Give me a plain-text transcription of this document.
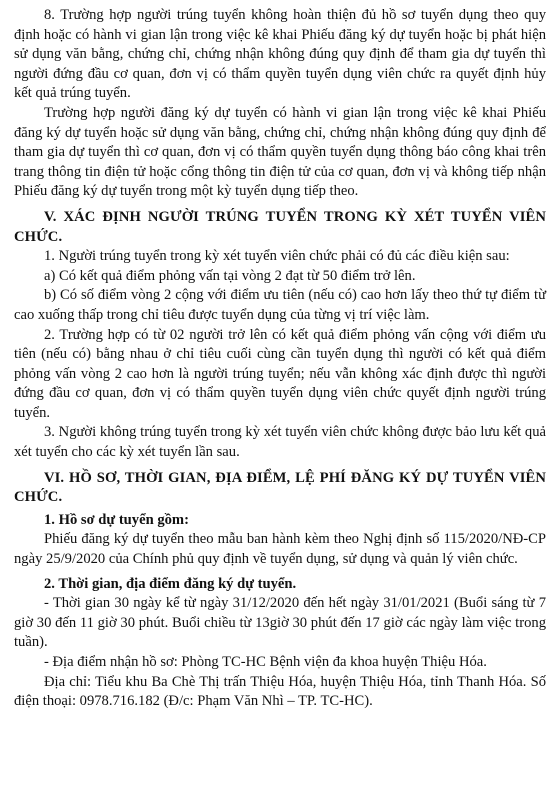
8. Trường hợp người trúng tuyển không hoàn thiện đủ hồ sơ tuyển dụng theo quy định hoặc có hành vi gian lận trong việc kê khai Phiếu đăng ký dự tuyển hoặc bị phát hiện sử dụng văn bằng, chứng chỉ, chứng nhận không đúng quy định để tham gia dự tuyển thì người đứng đầu cơ quan, đơn vị có thẩm quyền tuyển dụng viên chức ra quyết định hủy kết quả trúng tuyển.

Trường hợp người đăng ký dự tuyển có hành vi gian lận trong việc kê khai Phiếu đăng ký dự tuyển hoặc sử dụng văn bằng, chứng chỉ, chứng nhận không đúng quy định để tham gia dự tuyển thì cơ quan, đơn vị có thẩm quyền tuyển dụng thông báo công khai trên trang thông tin điện tử hoặc cổng thông tin điện tử của cơ quan, đơn vị và không tiếp nhận Phiếu đăng ký dự tuyển trong một kỳ tuyển dụng tiếp theo.

V. XÁC ĐỊNH NGƯỜI TRÚNG TUYỂN TRONG KỲ XÉT TUYỂN VIÊN CHỨC.

1. Người trúng tuyển trong kỳ xét tuyển viên chức phải có đủ các điều kiện sau:

a) Có kết quả điểm phỏng vấn tại vòng 2 đạt từ 50 điểm trở lên.

b) Có số điểm vòng 2 cộng với điểm ưu tiên (nếu có) cao hơn lấy theo thứ tự điểm từ cao xuống thấp trong chỉ tiêu được tuyển dụng của từng vị trí việc làm.

2. Trường hợp có từ 02 người trở lên có kết quả điểm phỏng vấn cộng với điểm ưu tiên (nếu có) bằng nhau ở chỉ tiêu cuối cùng cần tuyển dụng thì người có kết quả điểm phỏng vấn vòng 2 cao hơn là người trúng tuyển; nếu vẫn không xác định được thì người đứng đầu cơ quan, đơn vị có thẩm quyền tuyển dụng viên chức quyết định người trúng tuyển.

3. Người không trúng tuyển trong kỳ xét tuyển viên chức không được bảo lưu kết quả xét tuyển cho các kỳ xét tuyển lần sau.

VI. HỒ SƠ, THỜI GIAN, ĐỊA ĐIỂM, LỆ PHÍ ĐĂNG KÝ DỰ TUYỂN VIÊN CHỨC.

1. Hồ sơ dự tuyển gồm:

Phiếu đăng ký dự tuyển theo mẫu ban hành kèm theo Nghị định số 115/2020/NĐ-CP ngày 25/9/2020 của Chính phủ quy định về tuyển dụng, sử dụng và quản lý viên chức.

2. Thời gian, địa điểm đăng ký dự tuyển.

- Thời gian 30 ngày kể từ ngày 31/12/2020 đến hết ngày 31/01/2021 (Buổi sáng từ 7 giờ 30 đến 11 giờ 30 phút. Buổi chiều từ 13giờ 30 phút đến 17 giờ các ngày làm việc trong tuần).

- Địa điểm nhận hồ sơ: Phòng TC-HC Bệnh viện đa khoa huyện Thiệu Hóa.

Địa chỉ: Tiểu khu Ba Chè Thị trấn Thiệu Hóa, huyện Thiệu Hóa, tỉnh Thanh Hóa. Số điện thoại: 0978.716.182 (Đ/c: Phạm Văn Nhì – TP. TC-HC).
